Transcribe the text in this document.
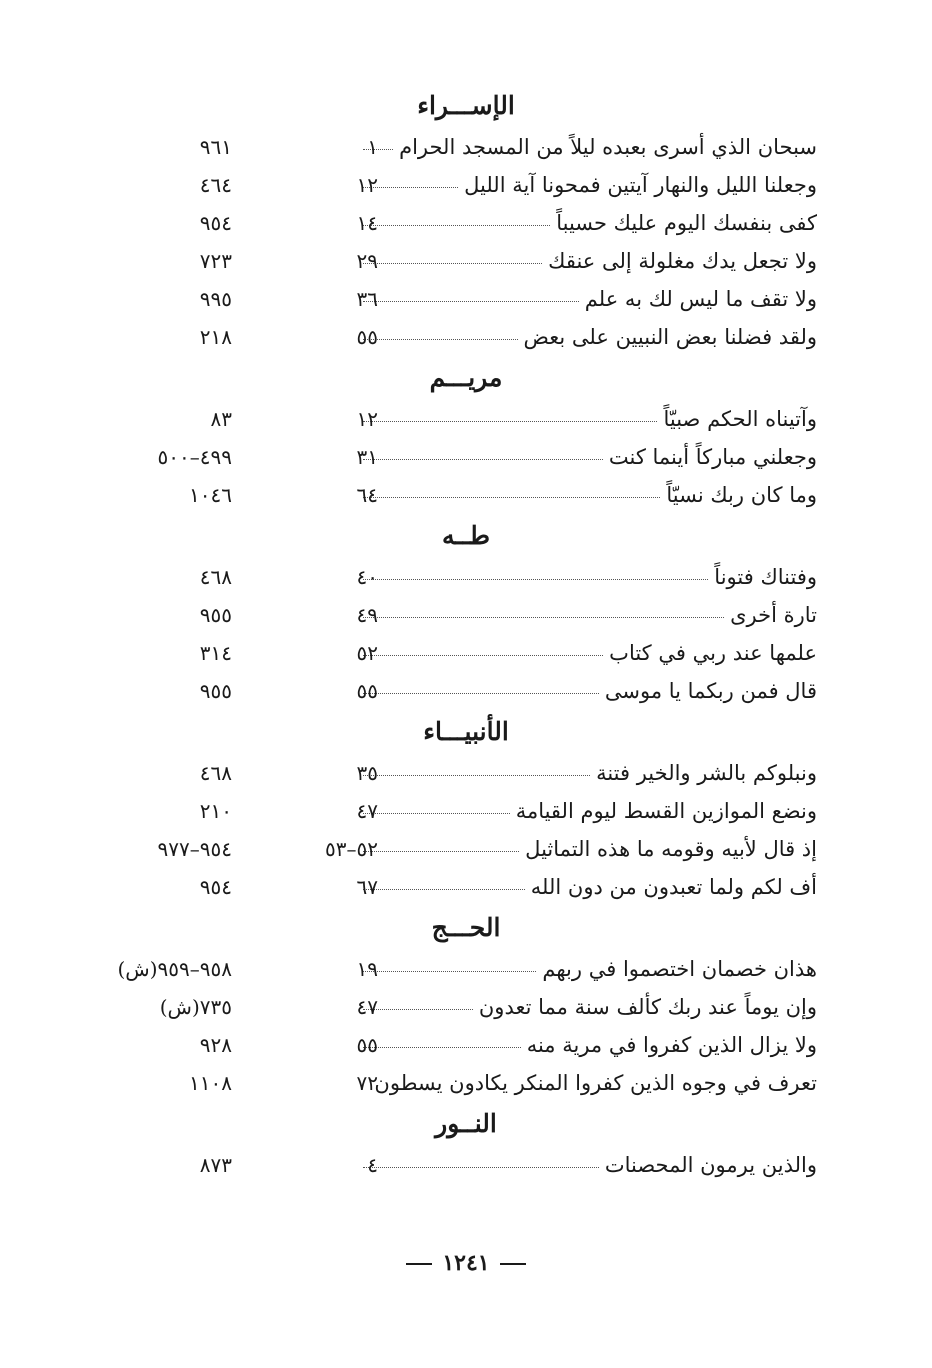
الإســـراء
سبحان الذي أسرى بعبده ليلاً من المسجد الحرام
١
٩٦١
وجعلنا الليل والنهار آيتين فمحونا آية الليل
١٢
٤٦٤
كفى بنفسك اليوم عليك حسيباً
١٤
٩٥٤
ولا تجعل يدك مغلولة إلى عنقك
٢٩
٧٢٣
ولا تقف ما ليس لك به علم
٣٦
٩٩٥
ولقد فضلنا بعض النبيين على بعض
٥٥
٢١٨
مريـــم
وآتيناه الحكم صبيّاً
١٢
٨٣
وجعلني مباركاً أينما كنت
٣١
٤٩٩–٥٠٠
وما كان ربك نسيّاً
٦٤
١٠٤٦
طــه
وفتناك فتوناً
٤٠
٤٦٨
تارة أخرى
٤٩
٩٥٥
علمها عند ربي في كتاب
٥٢
٣١٤
قال فمن ربكما يا موسى
٥٥
٩٥٥
الأنبيـــاء
ونبلوكم بالشر والخير فتنة
٣٥
٤٦٨
ونضع الموازين القسط ليوم القيامة
٤٧
٢١٠
إذ قال لأبيه وقومه ما هذه التماثيل
٥٢–٥٣
٩٥٤–٩٧٧
أف لكم ولما تعبدون من دون الله
٦٧
٩٥٤
الحـــج
هذان خصمان اختصموا في ربهم
١٩
٩٥٨–٩٥٩(ش)
وإن يوماً عند ربك كألف سنة مما تعدون
٤٧
٧٣٥(ش)
ولا يزال الذين كفروا في مرية منه
٥٥
٩٢٨
تعرف في وجوه الذين كفروا المنكر يكادون يسطون
٧٢
١١٠٨
النــور
والذين يرمون المحصنات
٤
٨٧٣
١٢٤١
